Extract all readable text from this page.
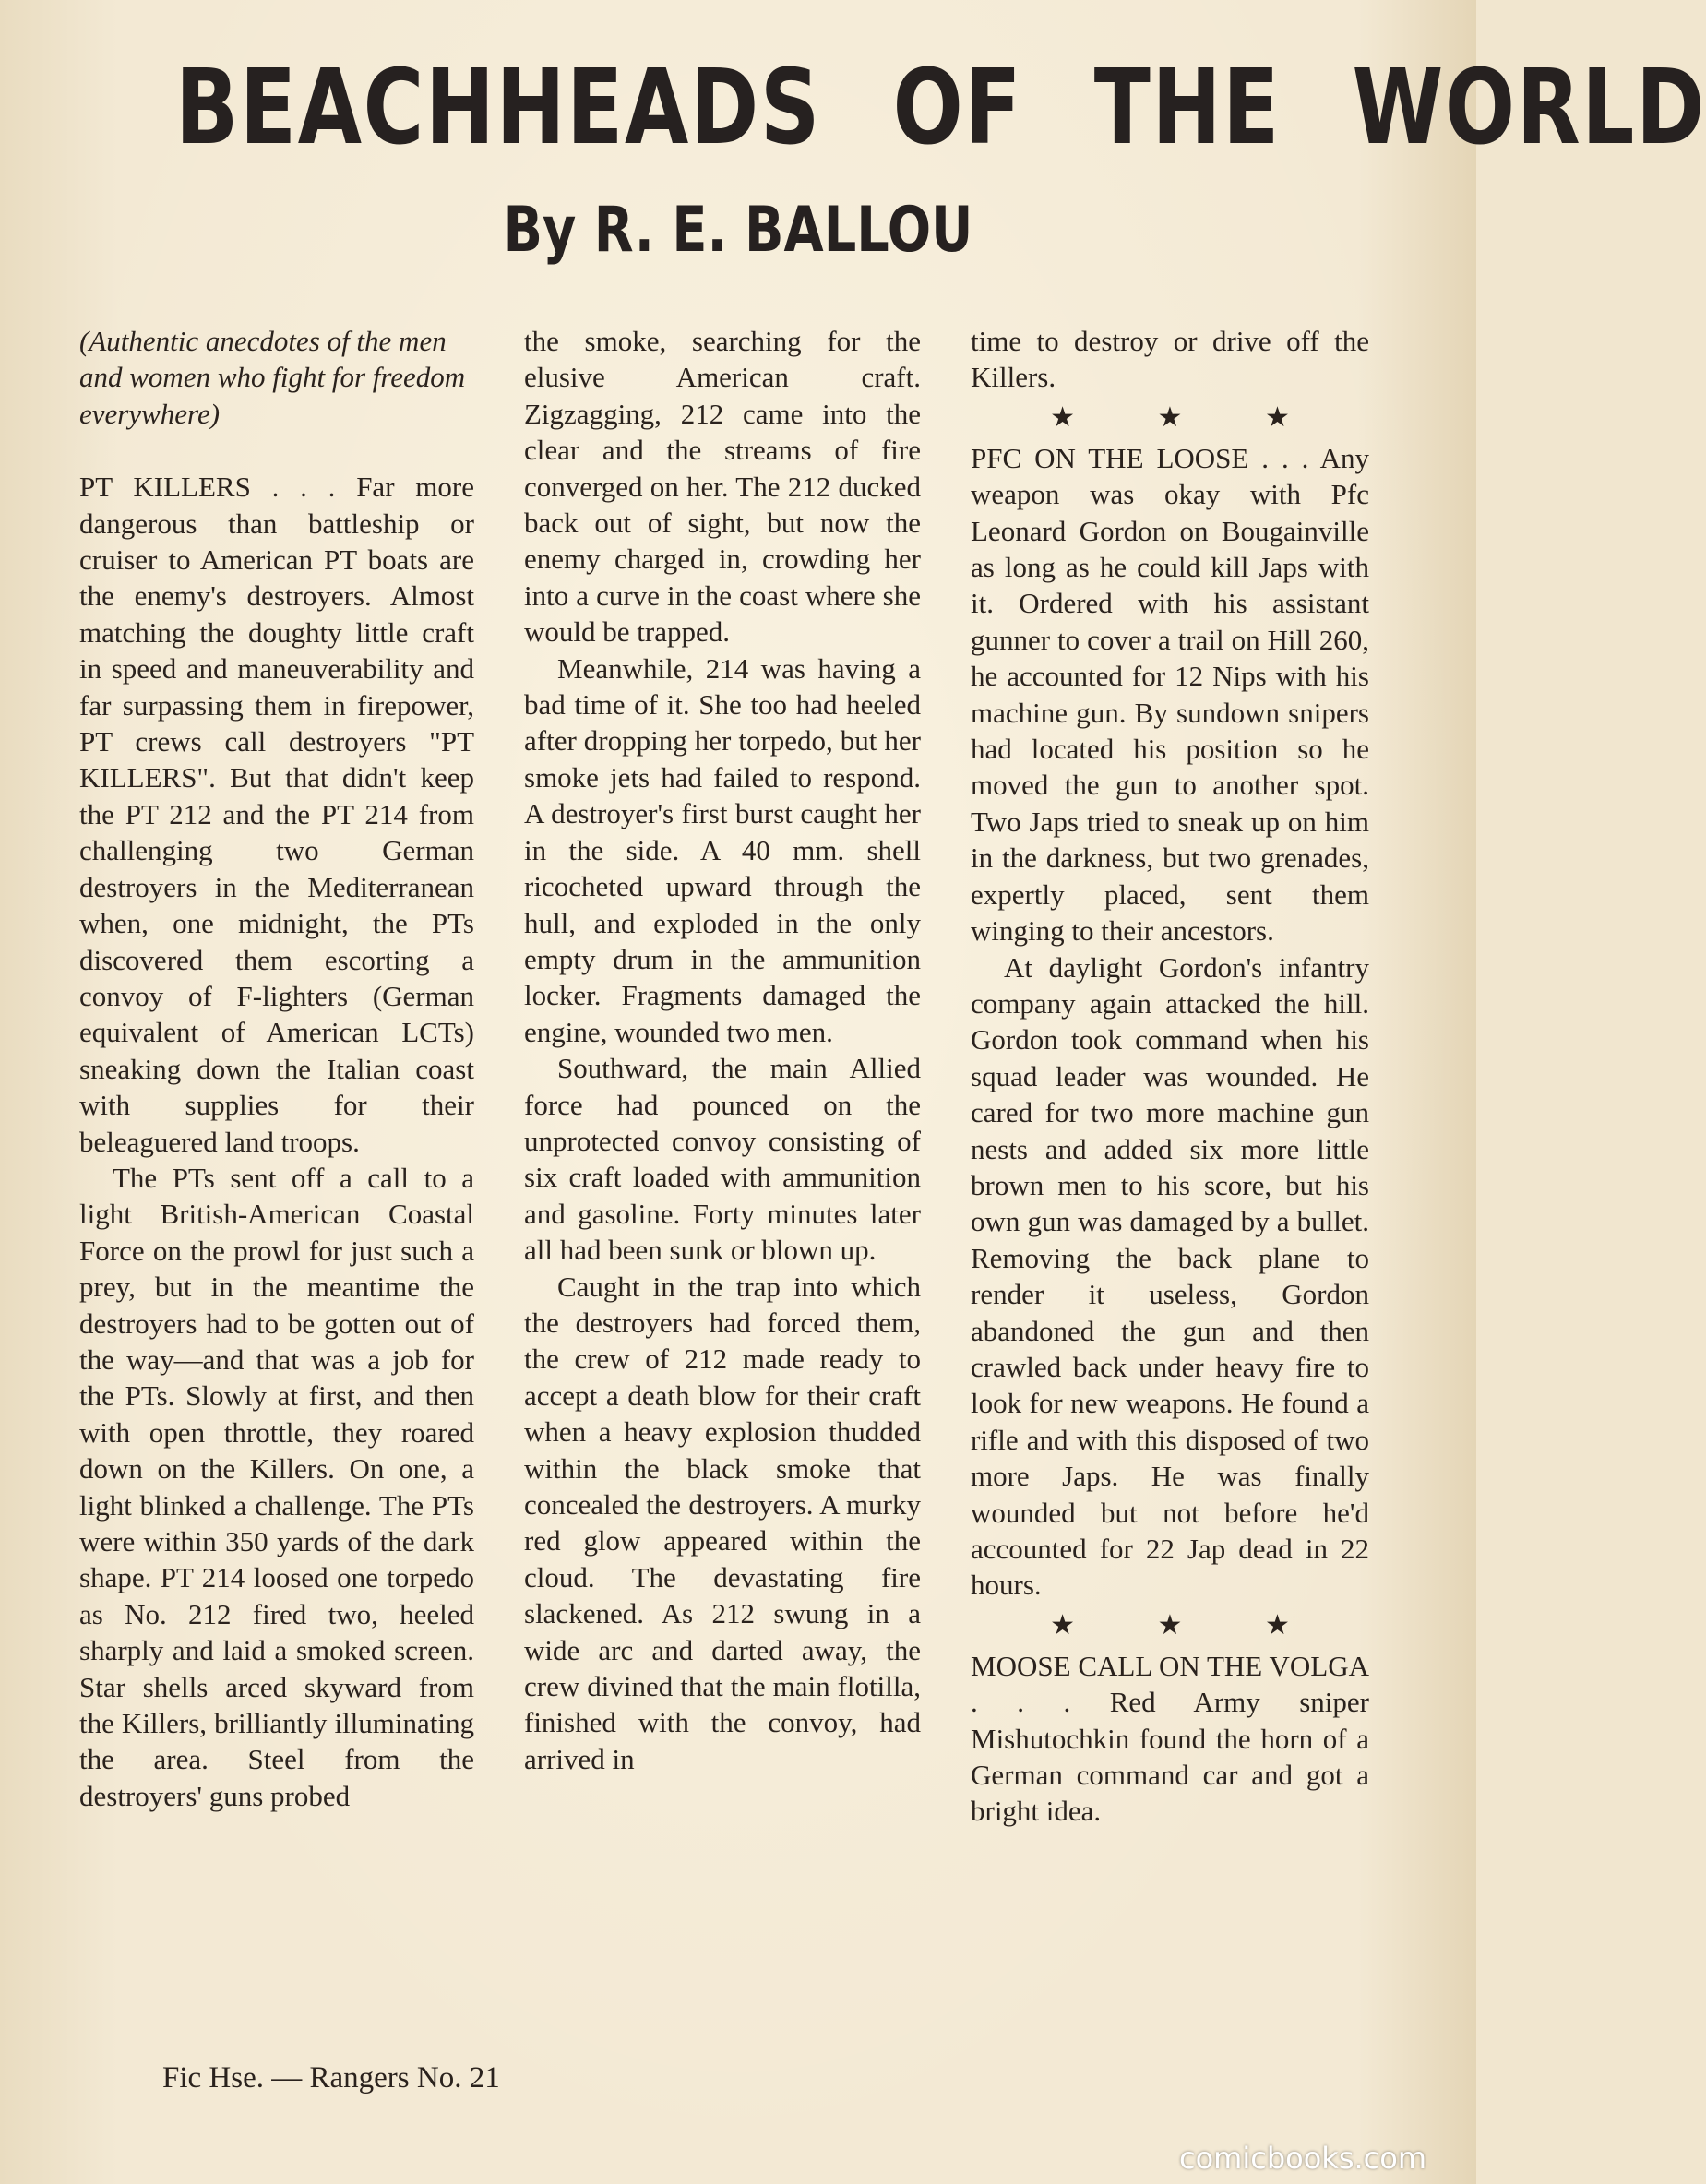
BEACHHEADS OF THE WORLD
By R. E. BALLOU

(Authentic anecdotes of the men and women who fight for freedom everywhere)

PT KILLERS . . . Far more dangerous than battleship or cruiser to American PT boats are the enemy's destroyers. Almost matching the doughty little craft in speed and maneuverability and far surpassing them in firepower, PT crews call destroyers "PT KILLERS". But that didn't keep the PT 212 and the PT 214 from challenging two German destroyers in the Mediterranean when, one midnight, the PTs discovered them escorting a convoy of F-lighters (German equivalent of American LCTs) sneaking down the Italian coast with supplies for their beleaguered land troops.

The PTs sent off a call to a light British-American Coastal Force on the prowl for just such a prey, but in the meantime the destroyers had to be gotten out of the way—and that was a job for the PTs. Slowly at first, and then with open throttle, they roared down on the Killers. On one, a light blinked a challenge. The PTs were within 350 yards of the dark shape. PT 214 loosed one torpedo as No. 212 fired two, heeled sharply and laid a smoked screen. Star shells arced skyward from the Killers, brilliantly illuminating the area. Steel from the destroyers' guns probed

the smoke, searching for the elusive American craft. Zigzagging, 212 came into the clear and the streams of fire converged on her. The 212 ducked back out of sight, but now the enemy charged in, crowding her into a curve in the coast where she would be trapped.

Meanwhile, 214 was having a bad time of it. She too had heeled after dropping her torpedo, but her smoke jets had failed to respond. A destroyer's first burst caught her in the side. A 40 mm. shell ricocheted upward through the hull, and exploded in the only empty drum in the ammunition locker. Fragments damaged the engine, wounded two men.

Southward, the main Allied force had pounced on the unprotected convoy consisting of six craft loaded with ammunition and gasoline. Forty minutes later all had been sunk or blown up.

Caught in the trap into which the destroyers had forced them, the crew of 212 made ready to accept a death blow for their craft when a heavy explosion thudded within the black smoke that concealed the destroyers. A murky red glow appeared within the cloud. The devastating fire slackened. As 212 swung in a wide arc and darted away, the crew divined that the main flotilla, finished with the convoy, had arrived in

time to destroy or drive off the Killers.

★ ★ ★

PFC ON THE LOOSE . . . Any weapon was okay with Pfc Leonard Gordon on Bougainville as long as he could kill Japs with it. Ordered with his assistant gunner to cover a trail on Hill 260, he accounted for 12 Nips with his machine gun. By sundown snipers had located his position so he moved the gun to another spot. Two Japs tried to sneak up on him in the darkness, but two grenades, expertly placed, sent them winging to their ancestors.

At daylight Gordon's infantry company again attacked the hill. Gordon took command when his squad leader was wounded. He cared for two more machine gun nests and added six more little brown men to his score, but his own gun was damaged by a bullet. Removing the back plane to render it useless, Gordon abandoned the gun and then crawled back under heavy fire to look for new weapons. He found a rifle and with this disposed of two more Japs. He was finally wounded but not before he'd accounted for 22 Jap dead in 22 hours.

★ ★ ★

MOOSE CALL ON THE VOLGA . . . Red Army sniper Mishutochkin found the horn of a German command car and got a bright idea.

Fic Hse. — Rangers No. 21

comicbooks.com
